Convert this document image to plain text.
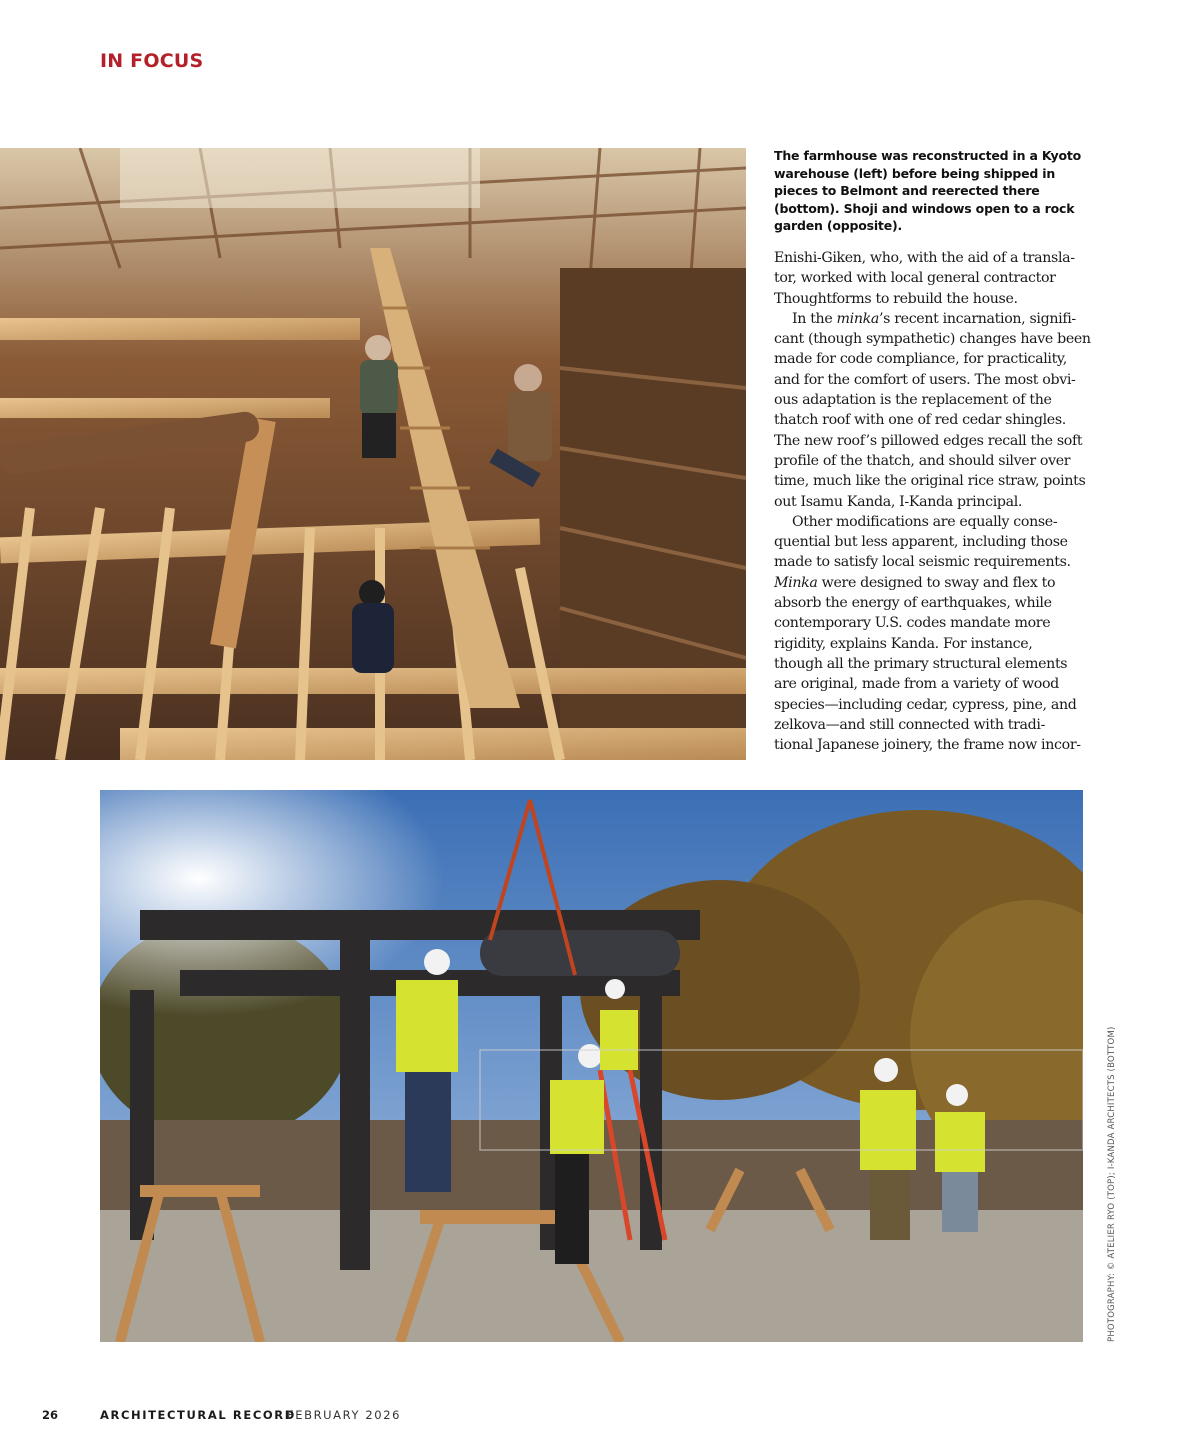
IN FOCUS
The farmhouse was reconstructed in a Kyoto warehouse (left) before being shipped in pieces to Belmont and reerected there (bottom). Shoji and windows open to a rock garden (opposite).

Enishi-Giken, who, with the aid of a transla-
tor, worked with local general contractor
Thoughtforms to rebuild the house.

In the minka’s recent incarnation, signifi-
cant (though sympathetic) changes have been
made for code compliance, for practicality,
and for the comfort of users. The most obvi-
ous adaptation is the replacement of the
thatch roof with one of red cedar shingles.
The new roof’s pillowed edges recall the soft
profile of the thatch, and should silver over
time, much like the original rice straw, points
out Isamu Kanda, I-Kanda principal.

Other modifications are equally conse-
quential but less apparent, including those
made to satisfy local seismic requirements.
Minka were designed to sway and flex to
absorb the energy of earthquakes, while
contemporary U.S. codes mandate more
rigidity, explains Kanda. For instance,
though all the primary structural elements
are original, made from a variety of wood
species—including cedar, cypress, pine, and
zelkova—and still connected with tradi-
tional Japanese joinery, the frame now incor-

PHOTOGRAPHY: © ATELIER RYO (TOP); I-KANDA ARCHITECTS (BOTTOM)
26	ARCHITECTURAL RECORD
FEBRUARY 2026
